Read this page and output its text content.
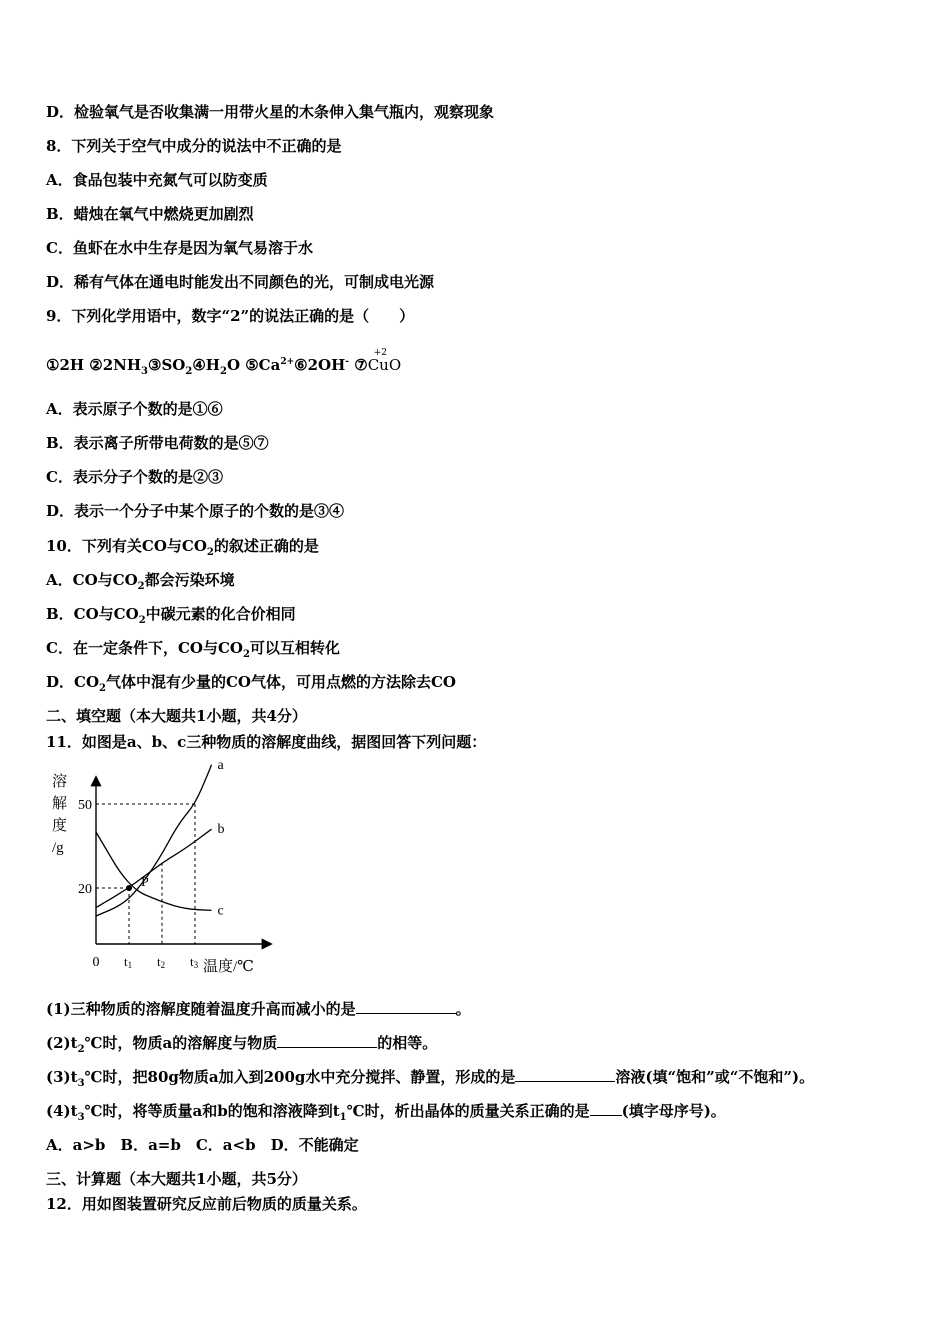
D．检验氧气是否收集满一用带火星的木条伸入集气瓶内，观察现象
8．下列关于空气中成分的说法中不正确的是
A．食品包装中充氮气可以防变质
B．蜡烛在氧气中燃烧更加剧烈
C．鱼虾在水中生存是因为氧气易溶于水
D．稀有气体在通电时能发出不同颜色的光，可制成电光源
9．下列化学用语中，数字“2”的说法正确的是（　　）
①2H $②2NH_3③SO_2④H_2O$ $⑤Ca^{2+}⑥2OH^-$ ⑦
+2
CuO
A．表示原子个数的是①⑥
B．表示离子所带电荷数的是⑤⑦
C．表示分子个数的是②③
D．表示一个分子中某个原子的个数的是③④
10．下列有关CO与$CO_2$的叙述正确的是
A．CO与$CO_2$都会污染环境
B．CO与$CO_2$中碳元素的化合价相同
C．在一定条件下，CO与$CO_2$可以互相转化
D．$CO_2$气体中混有少量的CO气体，可用点燃的方法除去CO
二、填空题（本大题共1小题，共4分）
11．如图是a、b、c三种物质的溶解度曲线，据图回答下列问题：
a
b
c
P
50
20
溶
解
度
/g
0 t1 t2 t3 温度/℃
(1)三种物质的溶解度随着温度升高而减小的是	。
$(2)t_2℃$时，物质a的溶解度与物质	的相等。
$(3)t_3℃$时，把80g物质a加入到200g水中充分搅拌、静置，形成的是	溶液(填“饱和”或“不饱和”)。
$(4)t_3℃$时，将等质量a和b的饱和溶液降到$t_1℃$时，析出晶体的质量关系正确的是 (填字母序号)。
A．a>b　B．a=b　C．a<b　D．不能确定
三、计算题（本大题共1小题，共5分）
12．用如图装置研究反应前后物质的质量关系。
